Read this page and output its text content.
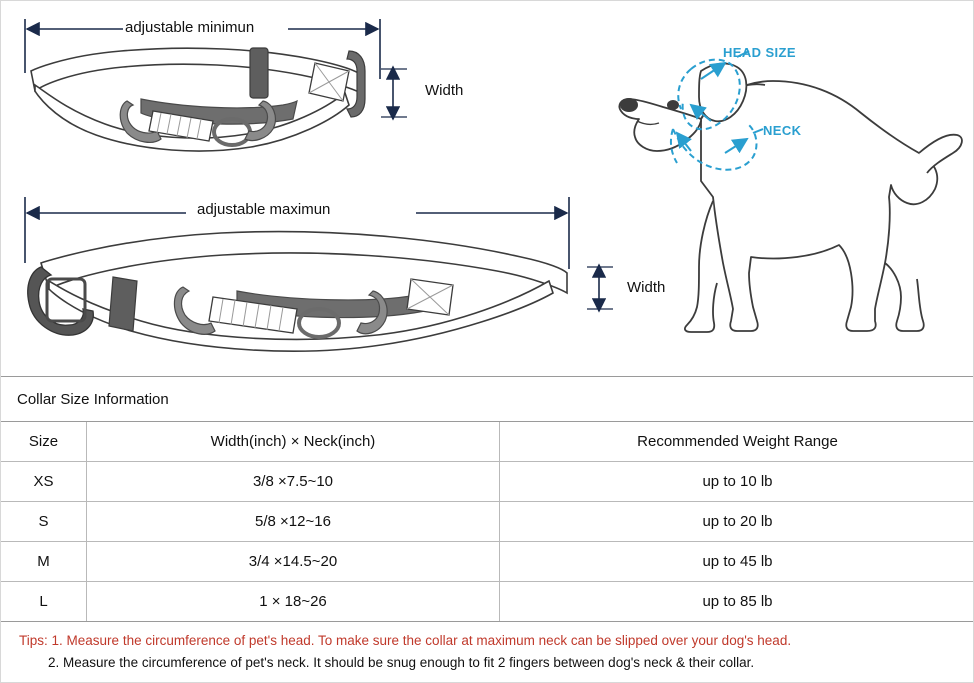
adjustable minimun
adjustable maximun
Width
Width
HEAD SIZE
NECK
Collar Size Information
Size	Width(inch) × Neck(inch)	Recommended Weight Range
XS	3/8 ×7.5~10	up to 10 lb
S	5/8 ×12~16	up to 20 lb
M	3/4 ×14.5~20	up to 45 lb
L	1 × 18~26	up to 85 lb
Tips: 1. Measure the circumference of pet's head. To make sure the collar at maximum neck can be slipped over your dog's head.
2. Measure the circumference of pet's neck. It should be snug enough to fit 2 fingers between dog's neck & their collar.
